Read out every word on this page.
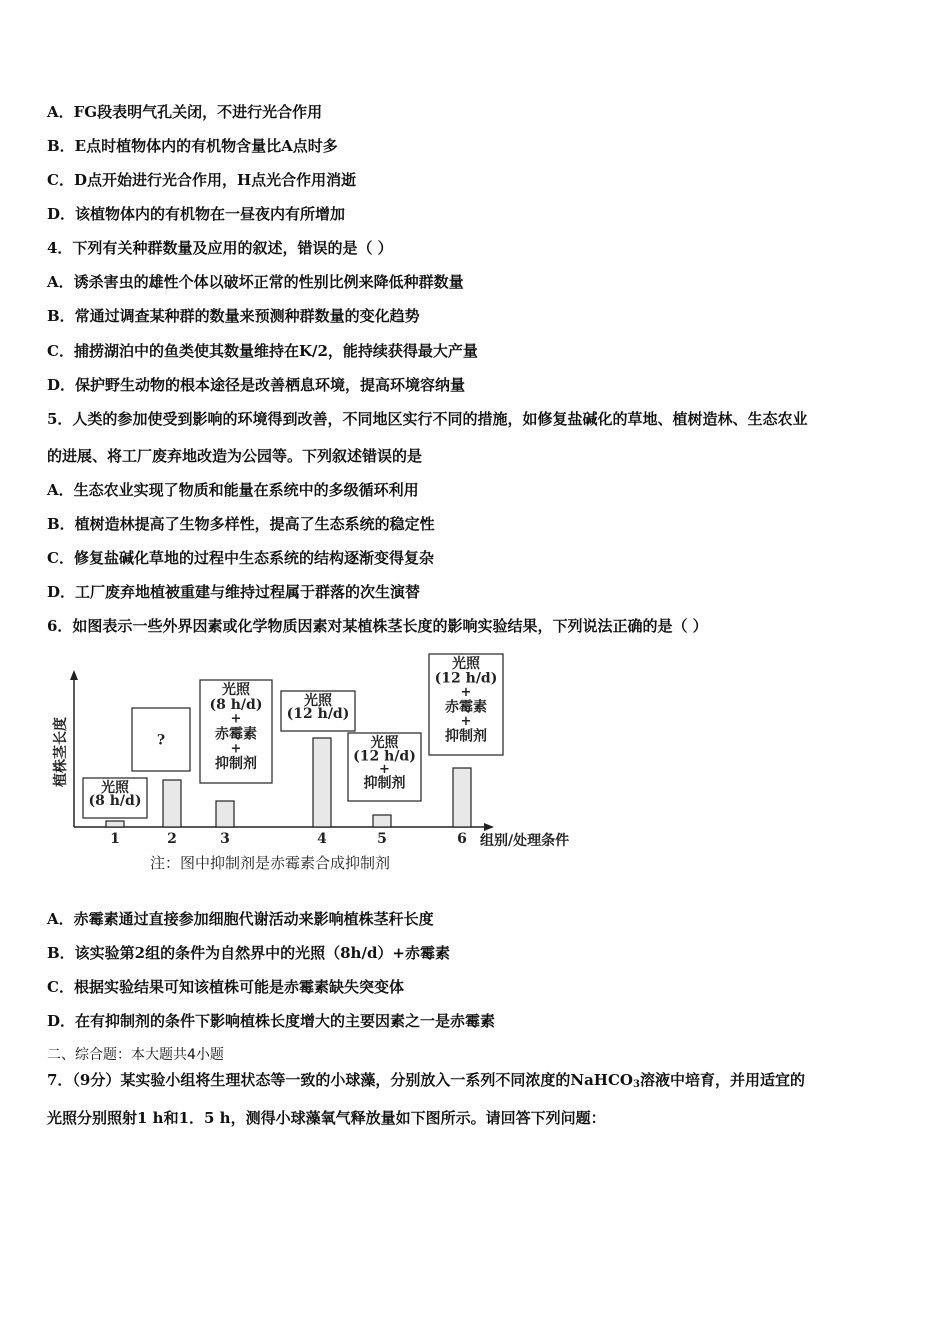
A．FG段表明气孔关闭，不进行光合作用
B．E点时植物体内的有机物含量比A点时多
C．D点开始进行光合作用，H点光合作用消逝
D．该植物体内的有机物在一昼夜内有所增加
4．下列有关种群数量及应用的叙述，错误的是（ ）
A．诱杀害虫的雄性个体以破坏正常的性别比例来降低种群数量
B．常通过调查某种群的数量来预测种群数量的变化趋势
C．捕捞湖泊中的鱼类使其数量维持在K/2，能持续获得最大产量
D．保护野生动物的根本途径是改善栖息环境，提高环境容纳量
5．人类的参加使受到影响的环境得到改善，不同地区实行不同的措施，如修复盐碱化的草地、植树造林、生态农业
的进展、将工厂废弃地改造为公园等。下列叙述错误的是
A．生态农业实现了物质和能量在系统中的多级循环利用
B．植树造林提高了生物多样性，提高了生态系统的稳定性
C．修复盐碱化草地的过程中生态系统的结构逐渐变得复杂
D．工厂废弃地植被重建与维持过程属于群落的次生演替
6．如图表示一些外界因素或化学物质因素对某植株茎长度的影响实验结果，下列说法正确的是（ ）
植株茎长度
组别/处理条件
1	2	3	4	5	6
光照
(8 h/d)
?
光照
(8 h/d)
+
赤霉素
+
抑制剂
光照
(12 h/d)
光照
(12 h/d)
+
抑制剂
光照
(12 h/d)
+
赤霉素
+
抑制剂
注：图中抑制剂是赤霉素合成抑制剂
A．赤霉素通过直接参加细胞代谢活动来影响植株茎秆长度
B．该实验第2组的条件为自然界中的光照（8h/d）+赤霉素
C．根据实验结果可知该植株可能是赤霉素缺失突变体
D．在有抑制剂的条件下影响植株长度增大的主要因素之一是赤霉素
二、综合题：本大题共4小题
7．（9分）某实验小组将生理状态等一致的小球藻，分别放入一系列不同浓度的NaHCO$_3$溶液中培育，并用适宜的
光照分别照射1 h和1．5 h，测得小球藻氧气释放量如下图所示。请回答下列问题：
